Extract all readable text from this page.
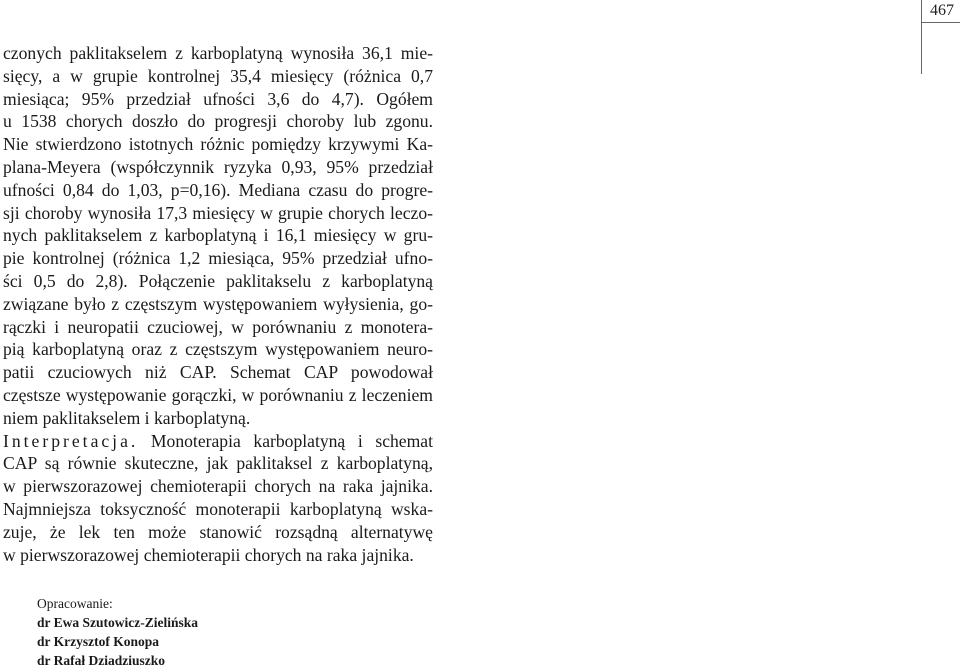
467
czonych paklitakselem z karboplatyną wynosiła 36,1 mie-
sięcy, a w grupie kontrolnej 35,4 miesięcy (różnica 0,7
miesiąca; 95% przedział ufności 3,6 do 4,7). Ogółem
u 1538 chorych doszło do progresji choroby lub zgonu.
Nie stwierdzono istotnych różnic pomiędzy krzywymi Ka-
plana-Meyera (współczynnik ryzyka 0,93, 95% przedział
ufności 0,84 do 1,03, p=0,16). Mediana czasu do progre-
sji choroby wynosiła 17,3 miesięcy w grupie chorych leczo-
nych paklitakselem z karboplatyną i 16,1 miesięcy w gru-
pie kontrolnej (różnica 1,2 miesiąca, 95% przedział ufno-
ści 0,5 do 2,8). Połączenie paklitakselu z karboplatyną
związane było z częstszym występowaniem wyłysienia, go-
rączki i neuropatii czuciowej, w porównaniu z monotera-
pią karboplatyną oraz z częstszym występowaniem neuro-
patii czuciowych niż CAP. Schemat CAP powodował
częstsze występowanie gorączki, w porównaniu z leczeniem
niem paklitakselem i karboplatyną.
Interpretacja. Monoterapia karboplatyną i schemat
CAP są równie skuteczne, jak paklitaksel z karboplatyną,
w pierwszorazowej chemioterapii chorych na raka jajnika.
Najmniejsza toksyczność monoterapii karboplatyną wska-
zuje, że lek ten może stanowić rozsądną alternatywę
w pierwszorazowej chemioterapii chorych na raka jajnika.
Opracowanie:
dr Ewa Szutowicz-Zielińska
dr Krzysztof Konopa
dr Rafał Dziadziuszko
